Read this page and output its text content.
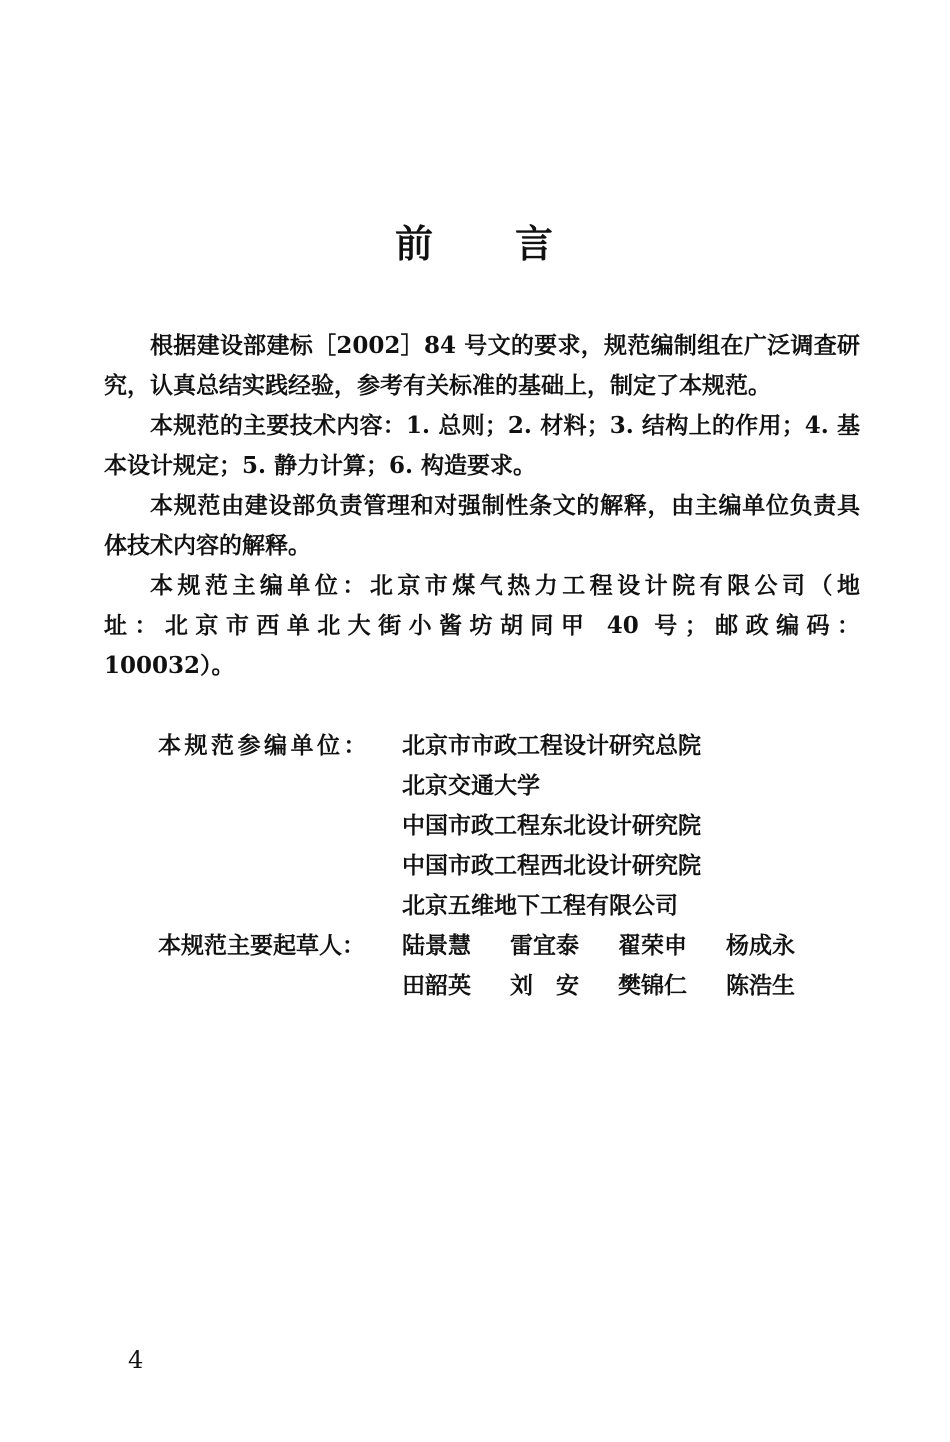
前　　言

根据建设部建标［2002］84 号文的要求，规范编制组在广泛调查研究，认真总结实践经验，参考有关标准的基础上，制定了本规范。

本规范的主要技术内容：1. 总则；2. 材料；3. 结构上的作用；4. 基本设计规定；5. 静力计算；6. 构造要求。

本规范由建设部负责管理和对强制性条文的解释，由主编单位负责具体技术内容的解释。

本规范主编单位：北京市煤气热力工程设计院有限公司（地

址：北京市西单北大街小酱坊胡同甲 40 号；邮政编码：

100032）。

本规范参编单位：	北京市市政工程设计研究总院
北京交通大学
中国市政工程东北设计研究院
中国市政工程西北设计研究院
北京五维地下工程有限公司
本规范主要起草人：	陆景慧	雷宜泰	翟荣申	杨成永
田韶英	刘　安	樊锦仁	陈浩生
4
